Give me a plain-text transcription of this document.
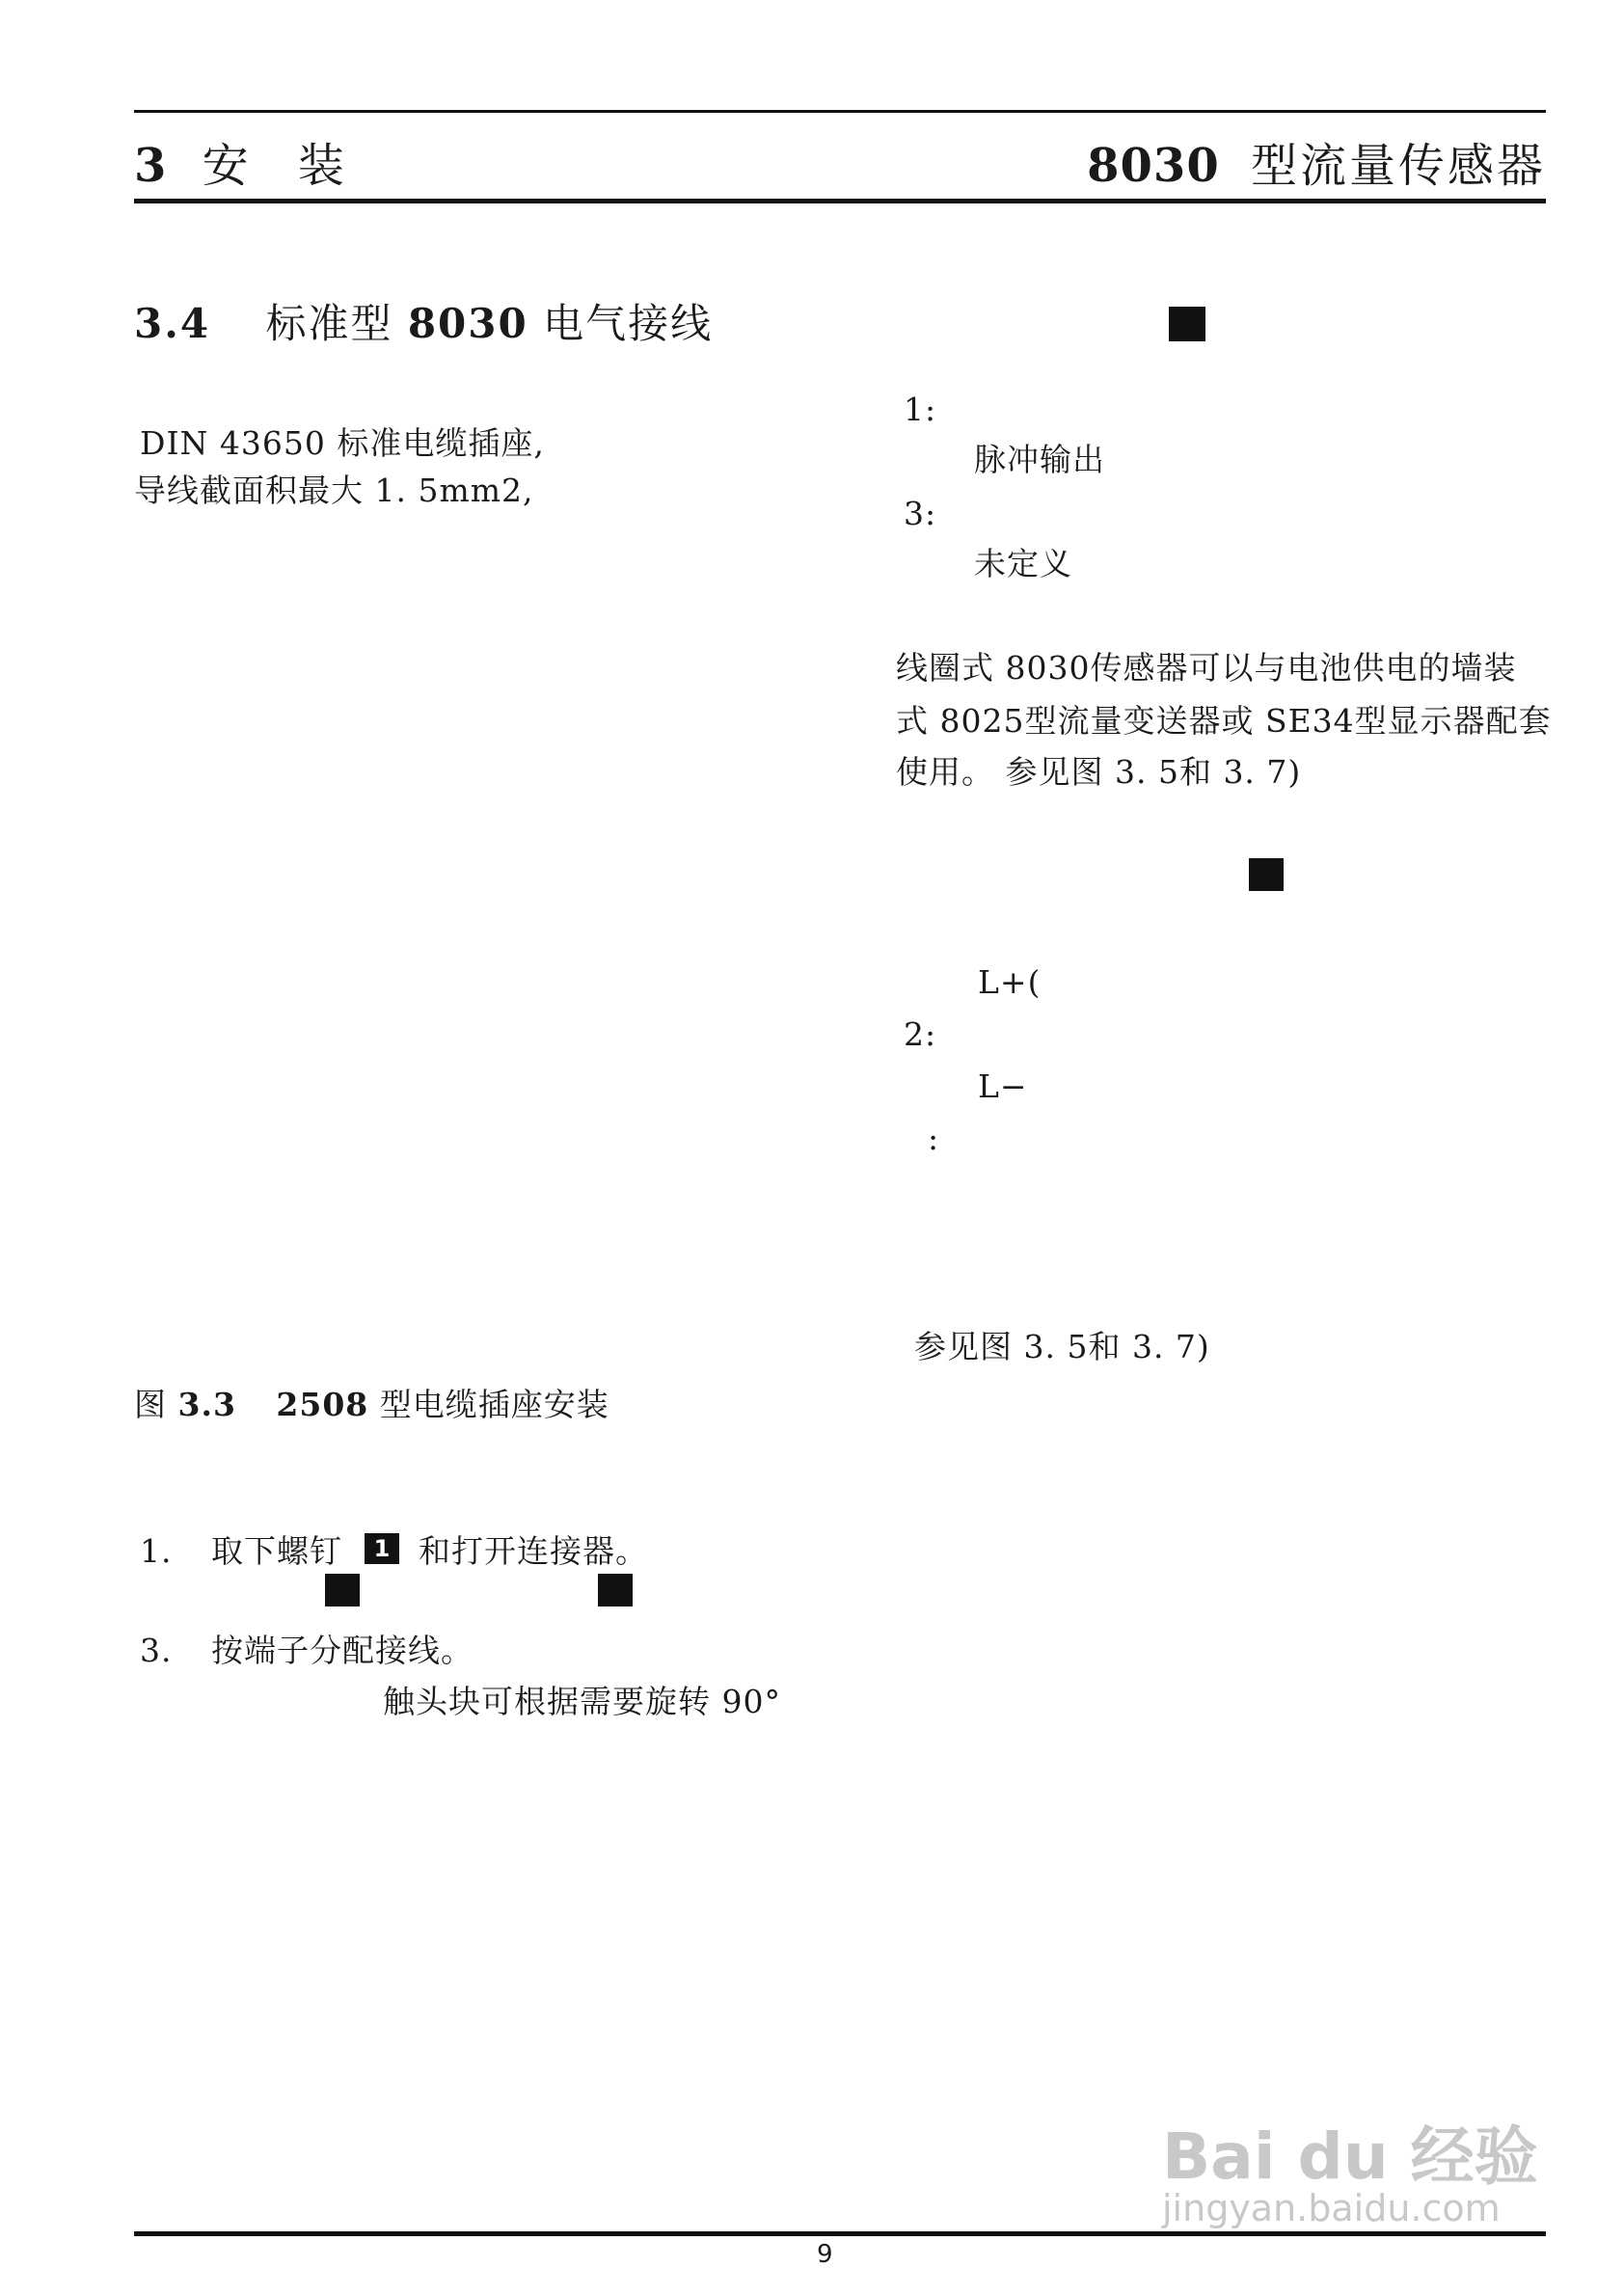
3 安 装	8030 型流量传感器
3.4 标准型 8030 电气接线
DIN 43650 标准电缆插座,
导线截面积最大 1. 5mm2,
图 3.3 2508 型电缆插座安装
1. 取下螺钉	1 和打开连接器。
3. 按端子分配接线。
触头块可根据需要旋转 90°
1:
脉冲输出
3:
未定义
线圈式 8030传感器可以与电池供电的墙装
式 8025型流量变送器或 SE34型显示器配套
使用。 参见图 3. 5和 3. 7)
L+(
2:
L−
:
参见图 3. 5和 3. 7)
Bai du 经验
jingyan.baidu.com
9
